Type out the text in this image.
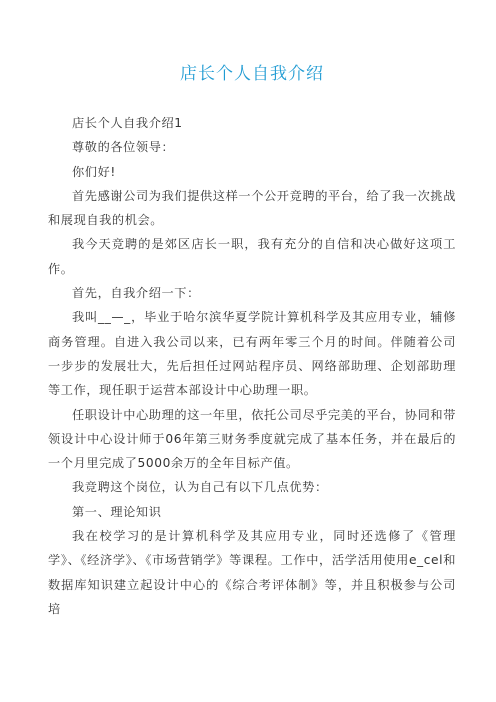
店长个人自我介绍

店长个人自我介绍1

尊敬的各位领导：

你们好!

首先感谢公司为我们提供这样一个公开竞聘的平台，给了我一次挑战和展现自我的机会。

我今天竞聘的是郊区店长一职，我有充分的自信和决心做好这项工作。

首先，自我介绍一下：

我叫__—_，毕业于哈尔滨华夏学院计算机科学及其应用专业，辅修商务管理。自进入我公司以来，已有两年零三个月的时间。伴随着公司一步步的发展壮大，先后担任过网站程序员、网络部助理、企划部助理等工作，现任职于运营本部设计中心助理一职。

任职设计中心助理的这一年里，依托公司尽乎完美的平台，协同和带领设计中心设计师于06年第三财务季度就完成了基本任务，并在最后的一个月里完成了5000余万的全年目标产值。

我竞聘这个岗位，认为自己有以下几点优势：

第一、理论知识

我在校学习的是计算机科学及其应用专业，同时还选修了《管理学》、《经济学》、《市场营销学》等课程。工作中，活学活用使用e_cel和数据库知识建立起设计中心的《综合考评体制》等，并且积极参与公司培
